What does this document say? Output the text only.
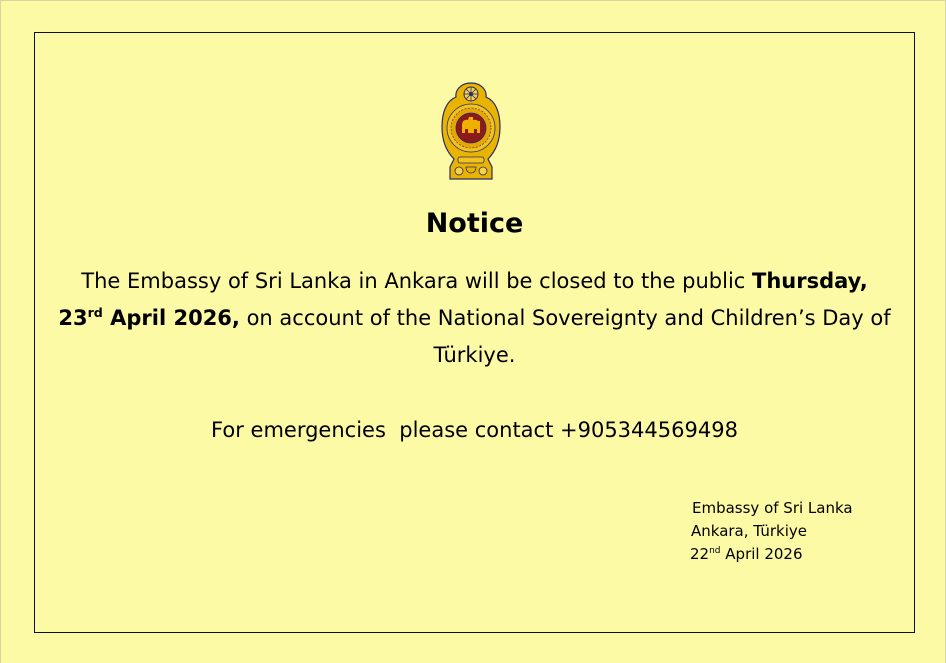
Notice
The Embassy of Sri Lanka in Ankara will be closed to the public Thursday,
23rd April 2026, on account of the National Sovereignty and Children’s Day of Türkiye.
For emergencies  please contact +905344569498
Embassy of Sri Lanka
Ankara, Türkiye
22nd April 2026
